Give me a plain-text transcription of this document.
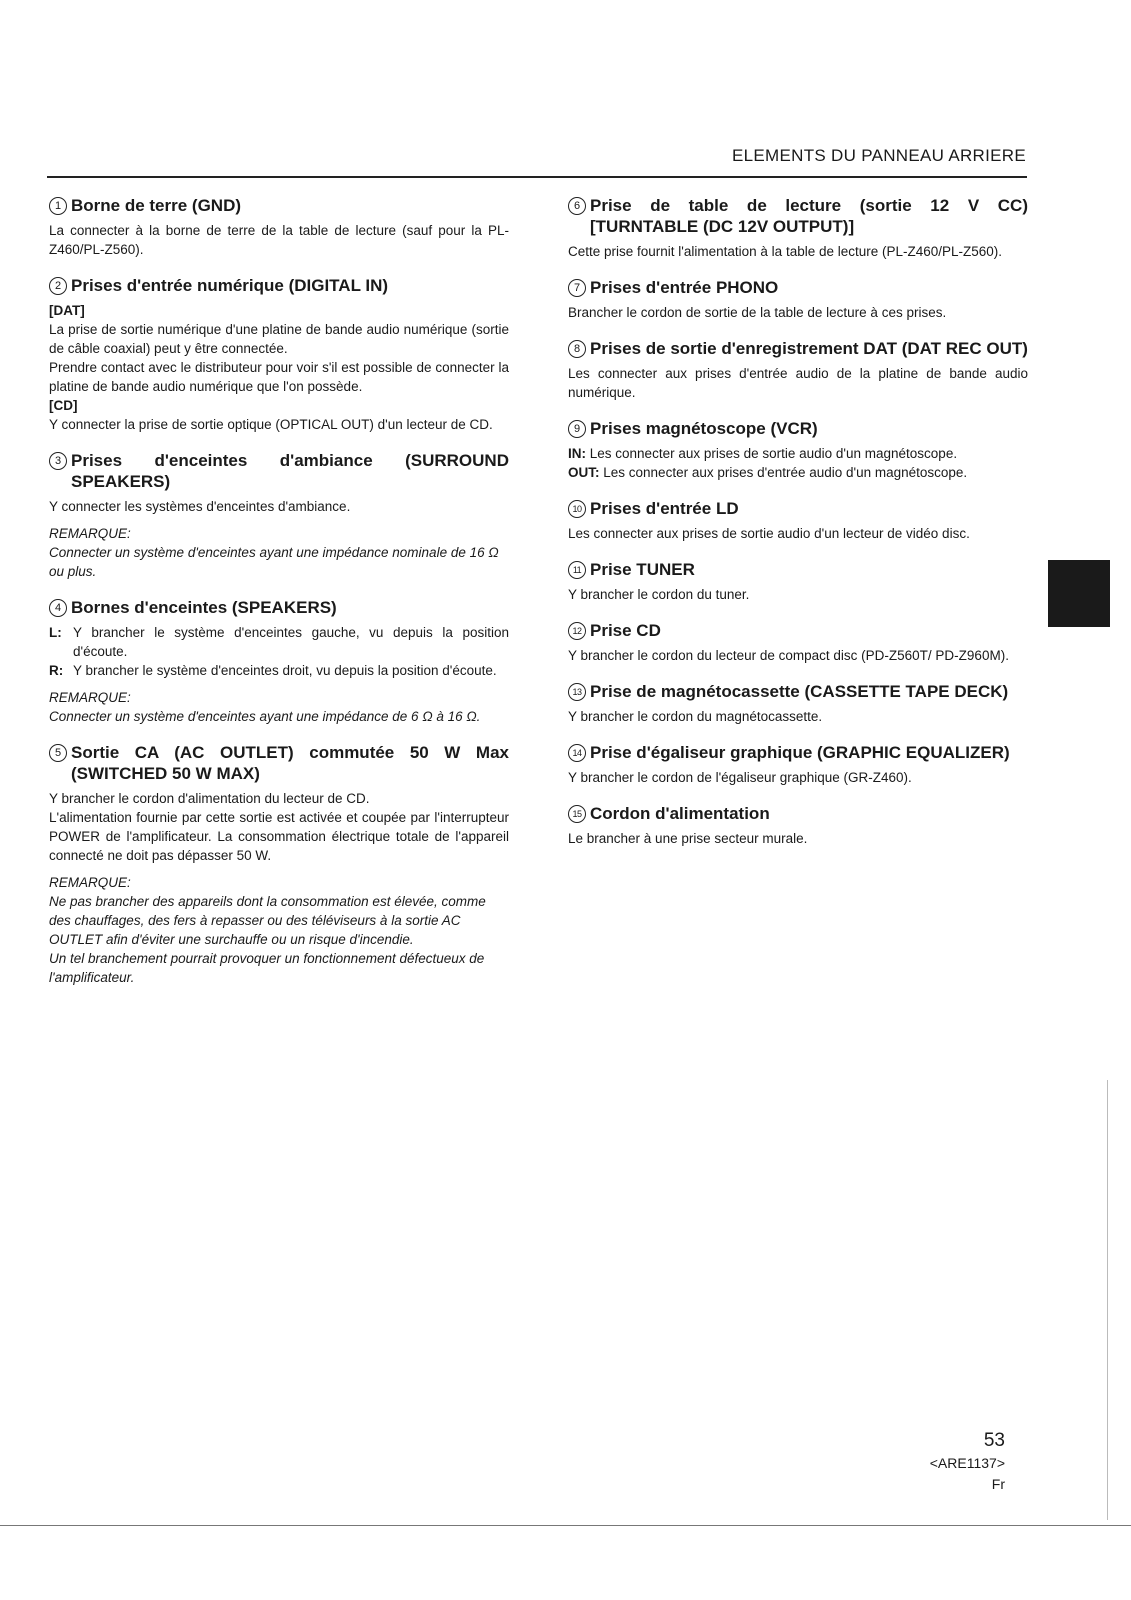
ELEMENTS DU PANNEAU ARRIERE
1 Borne de terre (GND)

La connecter à la borne de terre de la table de lecture (sauf pour la PL-Z460/PL-Z560).

2 Prises d'entrée numérique (DIGITAL IN)
[DAT]

La prise de sortie numérique d'une platine de bande audio numérique (sortie de câble coaxial) peut y être connectée.

Prendre contact avec le distributeur pour voir s'il est possible de connecter la platine de bande audio numérique que l'on possède.

[CD]

Y connecter la prise de sortie optique (OPTICAL OUT) d'un lecteur de CD.

3 Prises d'enceintes d'ambiance (SURROUND SPEAKERS)

Y connecter les systèmes d'enceintes d'ambiance.

REMARQUE:
Connecter un système d'enceintes ayant une impédance nominale de 16 Ω ou plus.
4 Bornes d'enceintes (SPEAKERS)
L: Y brancher le système d'enceintes gauche, vu depuis la position d'écoute.
R: Y brancher le système d'enceintes droit, vu depuis la position d'écoute.
REMARQUE:
Connecter un système d'enceintes ayant une impédance de 6 Ω à 16 Ω.
5 Sortie CA (AC OUTLET) commutée 50 W Max (SWITCHED 50 W MAX)

Y brancher le cordon d'alimentation du lecteur de CD.

L'alimentation fournie par cette sortie est activée et coupée par l'interrupteur POWER de l'amplificateur. La consommation électrique totale de l'appareil connecté ne doit pas dépasser 50 W.

REMARQUE:
Ne pas brancher des appareils dont la consommation est élevée, comme des chauffages, des fers à repasser ou des téléviseurs à la sortie AC OUTLET afin d'éviter une surchauffe ou un risque d'incendie.
Un tel branchement pourrait provoquer un fonctionnement défectueux de l'amplificateur.
6 Prise de table de lecture (sortie 12 V CC) [TURNTABLE (DC 12V OUTPUT)]

Cette prise fournit l'alimentation à la table de lecture (PL-Z460/PL-Z560).

7 Prises d'entrée PHONO

Brancher le cordon de sortie de la table de lecture à ces prises.

8 Prises de sortie d'enregistrement DAT (DAT REC OUT)

Les connecter aux prises d'entrée audio de la platine de bande audio numérique.

9 Prises magnétoscope (VCR)

IN: Les connecter aux prises de sortie audio d'un magnétoscope.

OUT: Les connecter aux prises d'entrée audio d'un magnétoscope.

10 Prises d'entrée LD

Les connecter aux prises de sortie audio d'un lecteur de vidéo disc.

11 Prise TUNER

Y brancher le cordon du tuner.

12 Prise CD

Y brancher le cordon du lecteur de compact disc (PD-Z560T/ PD-Z960M).

13 Prise de magnétocassette (CASSETTE TAPE DECK)

Y brancher le cordon du magnétocassette.

14 Prise d'égaliseur graphique (GRAPHIC EQUALIZER)

Y brancher le cordon de l'égaliseur graphique (GR-Z460).

15 Cordon d'alimentation

Le brancher à une prise secteur murale.

53
<ARE1137>
Fr
